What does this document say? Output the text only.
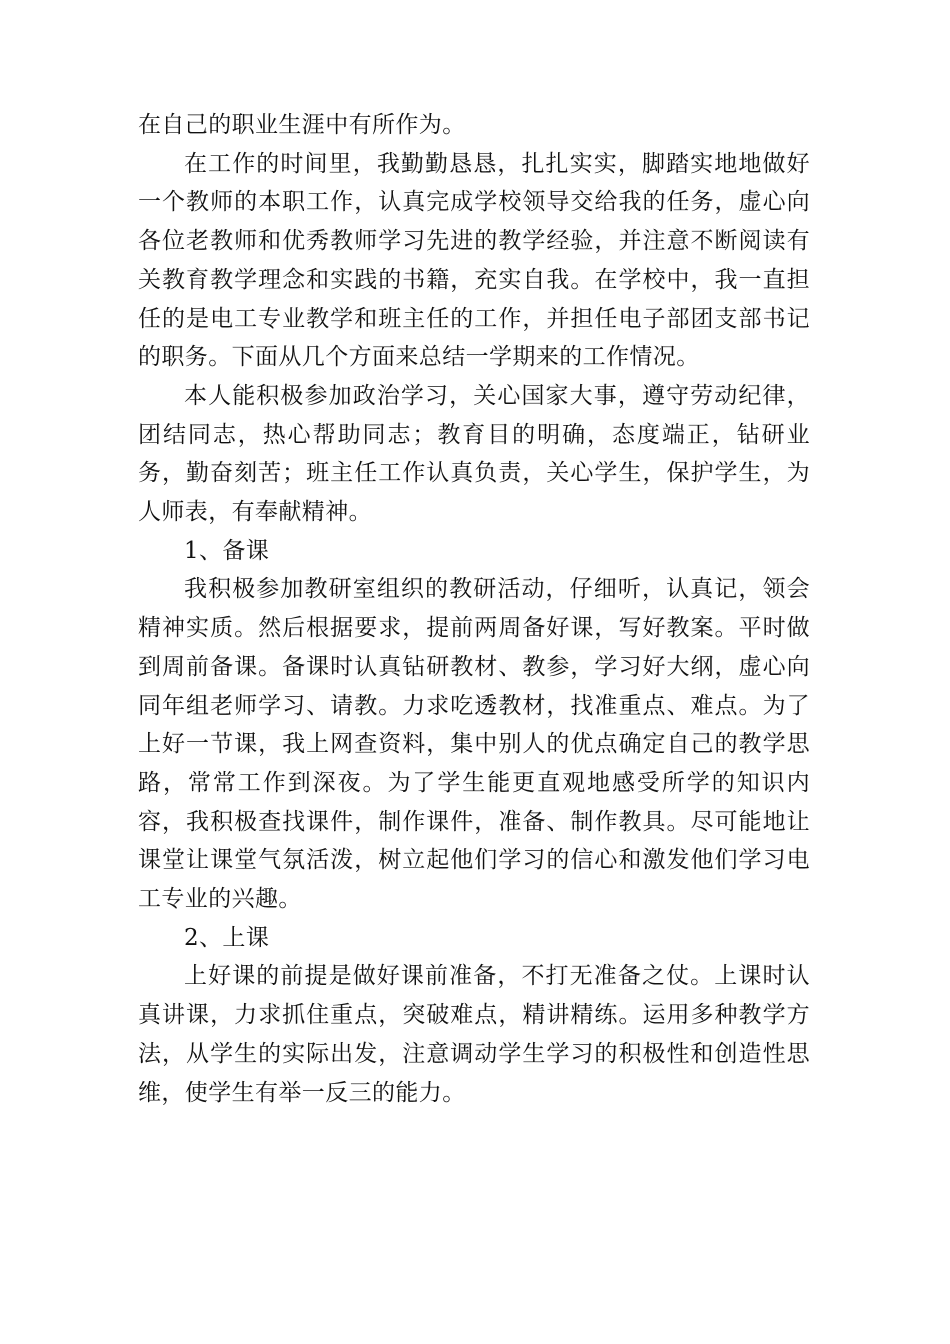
在自己的职业生涯中有所作为。

在工作的时间里，我勤勤恳恳，扎扎实实，脚踏实地地做好一个教师的本职工作，认真完成学校领导交给我的任务，虚心向各位老教师和优秀教师学习先进的教学经验，并注意不断阅读有关教育教学理念和实践的书籍，充实自我。在学校中，我一直担任的是电工专业教学和班主任的工作，并担任电子部团支部书记的职务。下面从几个方面来总结一学期来的工作情况。

本人能积极参加政治学习，关心国家大事，遵守劳动纪律，团结同志，热心帮助同志；教育目的明确，态度端正，钻研业务，勤奋刻苦；班主任工作认真负责，关心学生，保护学生，为人师表，有奉献精神。

1、备课

我积极参加教研室组织的教研活动，仔细听，认真记，领会精神实质。然后根据要求，提前两周备好课，写好教案。平时做到周前备课。备课时认真钻研教材、教参，学习好大纲，虚心向同年组老师学习、请教。力求吃透教材，找准重点、难点。为了上好一节课，我上网查资料，集中别人的优点确定自己的教学思路，常常工作到深夜。为了学生能更直观地感受所学的知识内容，我积极查找课件，制作课件，准备、制作教具。尽可能地让课堂让课堂气氛活泼，树立起他们学习的信心和激发他们学习电工专业的兴趣。

2、上课

上好课的前提是做好课前准备，不打无准备之仗。上课时认真讲课，力求抓住重点，突破难点，精讲精练。运用多种教学方法，从学生的实际出发，注意调动学生学习的积极性和创造性思维，使学生有举一反三的能力。
